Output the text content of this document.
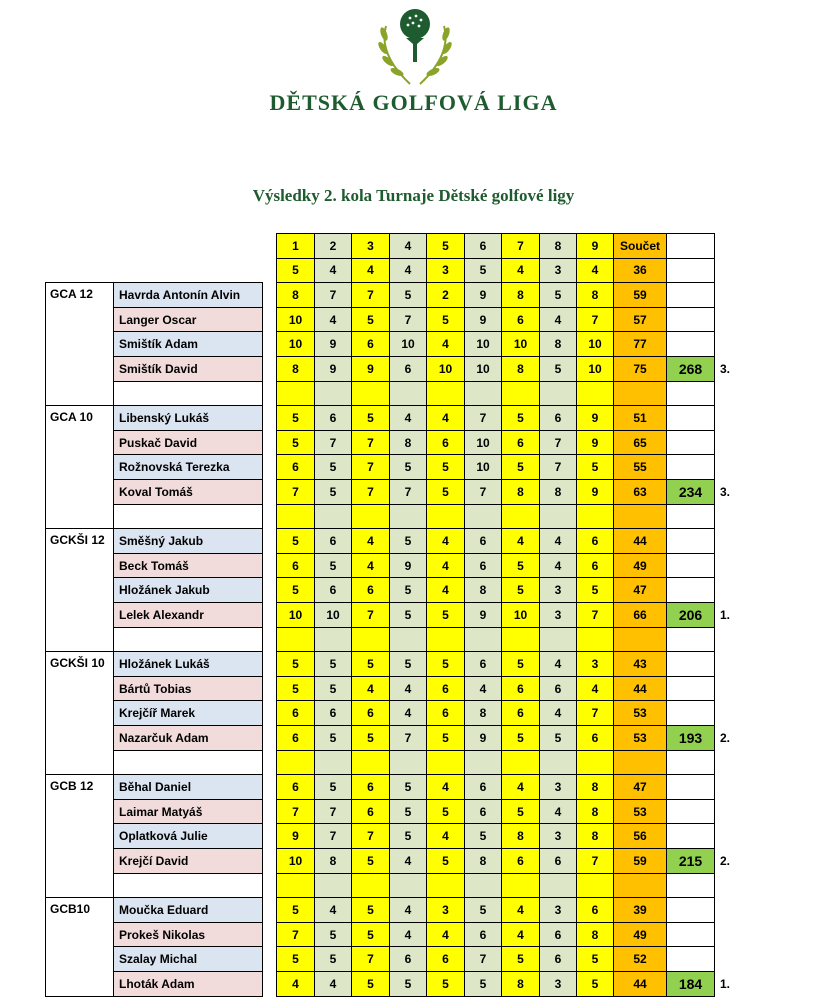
DĚTSKÁ GOLFOVÁ LIGA
Výsledky 2. kola Turnaje Dětské golfové ligy
1	2	3	4	5	6	7	8	9	Součet
5	4	4	4	3	5	4	3	4	36
GCA 12	Havrda Antonín Alvin	8	7	7	5	2	9	8	5	8	59
Langer Oscar	10	4	5	7	5	9	6	4	7	57
Smištík Adam	10	9	6	10	4	10	10	8	10	77
Smištík David	8	9	9	6	10	10	8	5	10	75	268	3.
GCA 10	Libenský Lukáš	5	6	5	4	4	7	5	6	9	51
Puskač David	5	7	7	8	6	10	6	7	9	65
Rožnovská Terezka	6	5	7	5	5	10	5	7	5	55
Koval Tomáš	7	5	7	7	5	7	8	8	9	63	234	3.
GCKŠI 12	Směšný Jakub	5	6	4	5	4	6	4	4	6	44
Beck Tomáš	6	5	4	9	4	6	5	4	6	49
Hložánek Jakub	5	6	6	5	4	8	5	3	5	47
Lelek Alexandr	10	10	7	5	5	9	10	3	7	66	206	1.
GCKŠI 10	Hložánek Lukáš	5	5	5	5	5	6	5	4	3	43
Bártů Tobias	5	5	4	4	6	4	6	6	4	44
Krejčíř Marek	6	6	6	4	6	8	6	4	7	53
Nazarčuk Adam	6	5	5	7	5	9	5	5	6	53	193	2.
GCB 12	Běhal Daniel	6	5	6	5	4	6	4	3	8	47
Laimar Matyáš	7	7	6	5	5	6	5	4	8	53
Oplatková Julie	9	7	7	5	4	5	8	3	8	56
Krejčí David	10	8	5	4	5	8	6	6	7	59	215	2.
GCB10	Moučka Eduard	5	4	5	4	3	5	4	3	6	39
Prokeš Nikolas	7	5	5	4	4	6	4	6	8	49
Szalay Michal	5	5	7	6	6	7	5	6	5	52
Lhoták Adam	4	4	5	5	5	5	8	3	5	44	184	1.
